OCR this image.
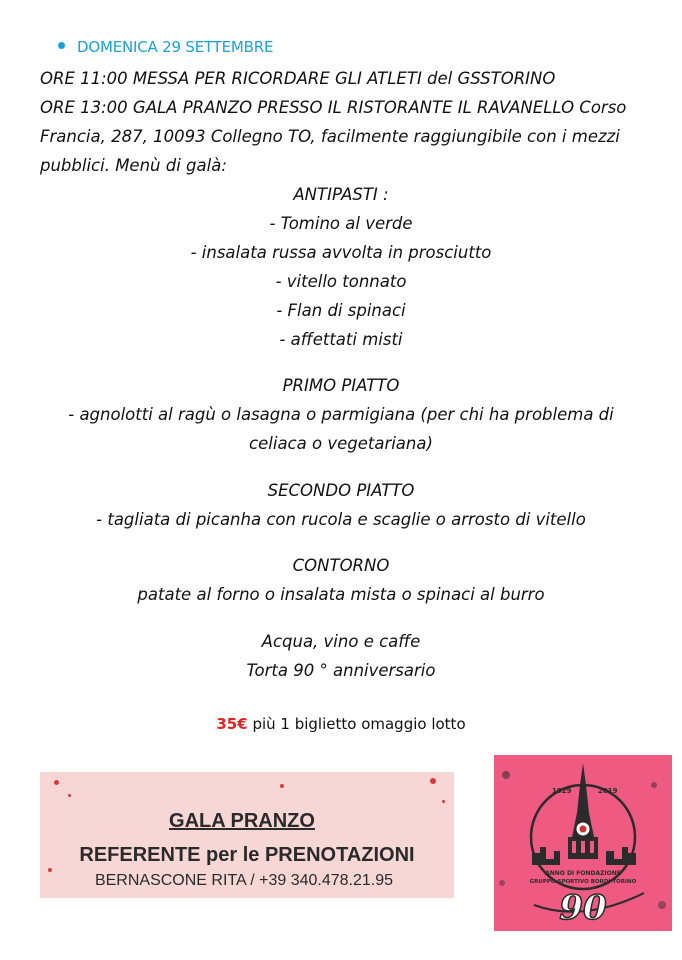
DOMENICA 29 SETTEMBRE

ORE 11:00 MESSA PER RICORDARE GLI ATLETI del GSSTORINO

ORE 13:00 GALA PRANZO PRESSO IL RISTORANTE IL RAVANELLO Corso Francia, 287, 10093 Collegno TO, facilmente raggiungibile con i mezzi pubblici. Menù di galà:

ANTIPASTI :
- Tomino al verde
- insalata russa avvolta in prosciutto
- vitello tonnato
- Flan di spinaci
- affettati misti
PRIMO PIATTO
- agnolotti al ragù o lasagna o parmigiana (per chi ha problema di
celiaca o vegetariana)
SECONDO PIATTO
- tagliata di picanha con rucola e scaglie o arrosto di vitello
CONTORNO
patate al forno o insalata mista o spinaci al burro
Acqua, vino e caffe
Torta 90 ° anniversario
35€ più 1 biglietto omaggio lotto
GALA PRANZO
REFERENTE per le PRENOTAZIONI
BERNASCONE RITA / +39 340.478.21.95
1929	2019
ANNO DI FONDAZIONE
GRUPPO SPORTIVO BORDI TORINO
90
